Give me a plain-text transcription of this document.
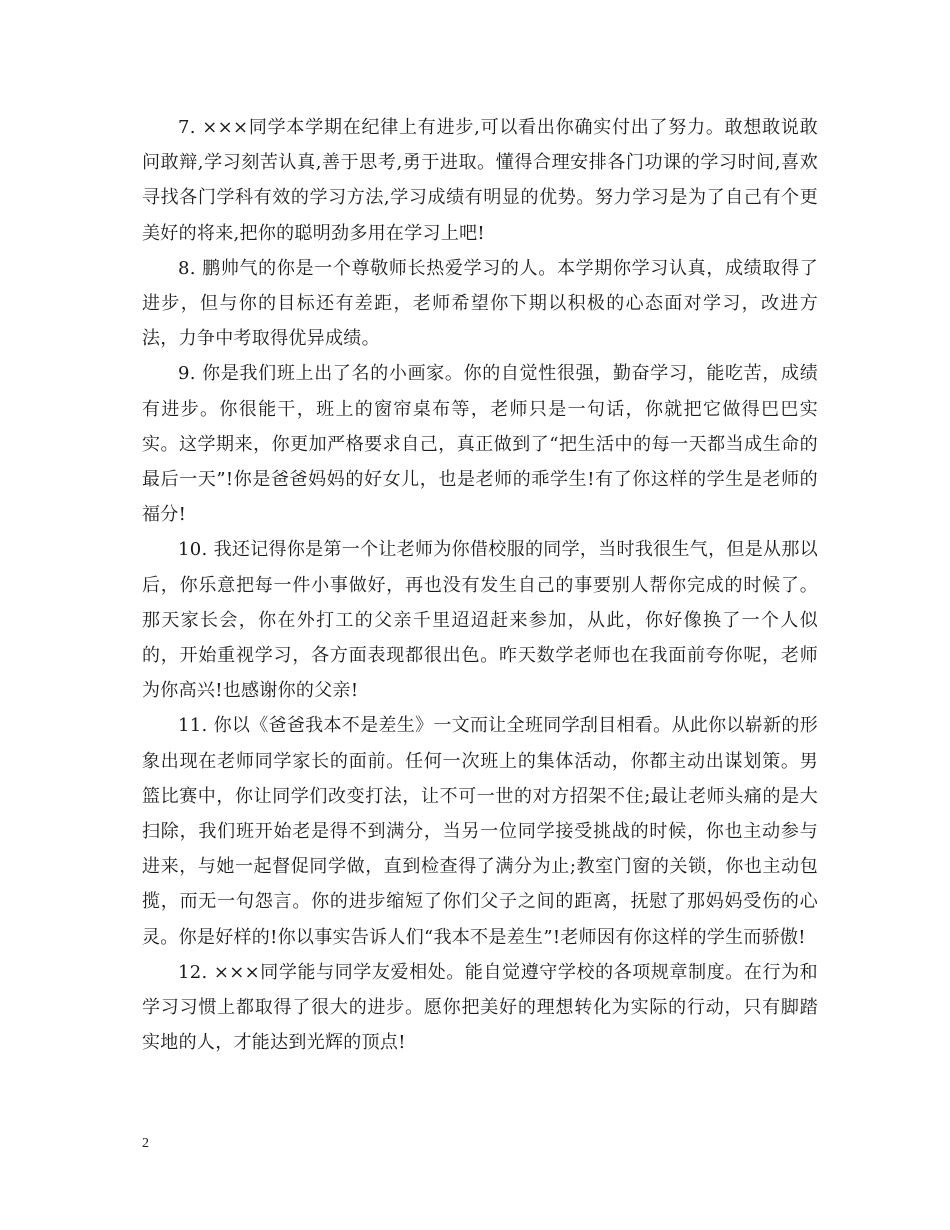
7. ×××同学本学期在纪律上有进步,可以看出你确实付出了努力。敢想敢说敢问敢辩,学习刻苦认真,善于思考,勇于进取。懂得合理安排各门功课的学习时间,喜欢寻找各门学科有效的学习方法,学习成绩有明显的优势。努力学习是为了自己有个更美好的将来,把你的聪明劲多用在学习上吧!

8. 鹏帅气的你是一个尊敬师长热爱学习的人。本学期你学习认真，成绩取得了进步，但与你的目标还有差距，老师希望你下期以积极的心态面对学习，改进方法，力争中考取得优异成绩。

9. 你是我们班上出了名的小画家。你的自觉性很强，勤奋学习，能吃苦，成绩有进步。你很能干，班上的窗帘桌布等，老师只是一句话，你就把它做得巴巴实实。这学期来，你更加严格要求自己，真正做到了“把生活中的每一天都当成生命的最后一天”!你是爸爸妈妈的好女儿，也是老师的乖学生!有了你这样的学生是老师的福分!

10. 我还记得你是第一个让老师为你借校服的同学，当时我很生气，但是从那以后，你乐意把每一件小事做好，再也没有发生自己的事要别人帮你完成的时候了。那天家长会，你在外打工的父亲千里迢迢赶来参加，从此，你好像换了一个人似的，开始重视学习，各方面表现都很出色。昨天数学老师也在我面前夸你呢，老师为你高兴!也感谢你的父亲!

11. 你以《爸爸我本不是差生》一文而让全班同学刮目相看。从此你以崭新的形象出现在老师同学家长的面前。任何一次班上的集体活动，你都主动出谋划策。男篮比赛中，你让同学们改变打法，让不可一世的对方招架不住;最让老师头痛的是大扫除，我们班开始老是得不到满分，当另一位同学接受挑战的时候，你也主动参与进来，与她一起督促同学做，直到检查得了满分为止;教室门窗的关锁，你也主动包揽，而无一句怨言。你的进步缩短了你们父子之间的距离，抚慰了那妈妈受伤的心灵。你是好样的!你以事实告诉人们“我本不是差生”!老师因有你这样的学生而骄傲!

12. ×××同学能与同学友爱相处。能自觉遵守学校的各项规章制度。在行为和学习习惯上都取得了很大的进步。愿你把美好的理想转化为实际的行动，只有脚踏实地的人，才能达到光辉的顶点!

2
